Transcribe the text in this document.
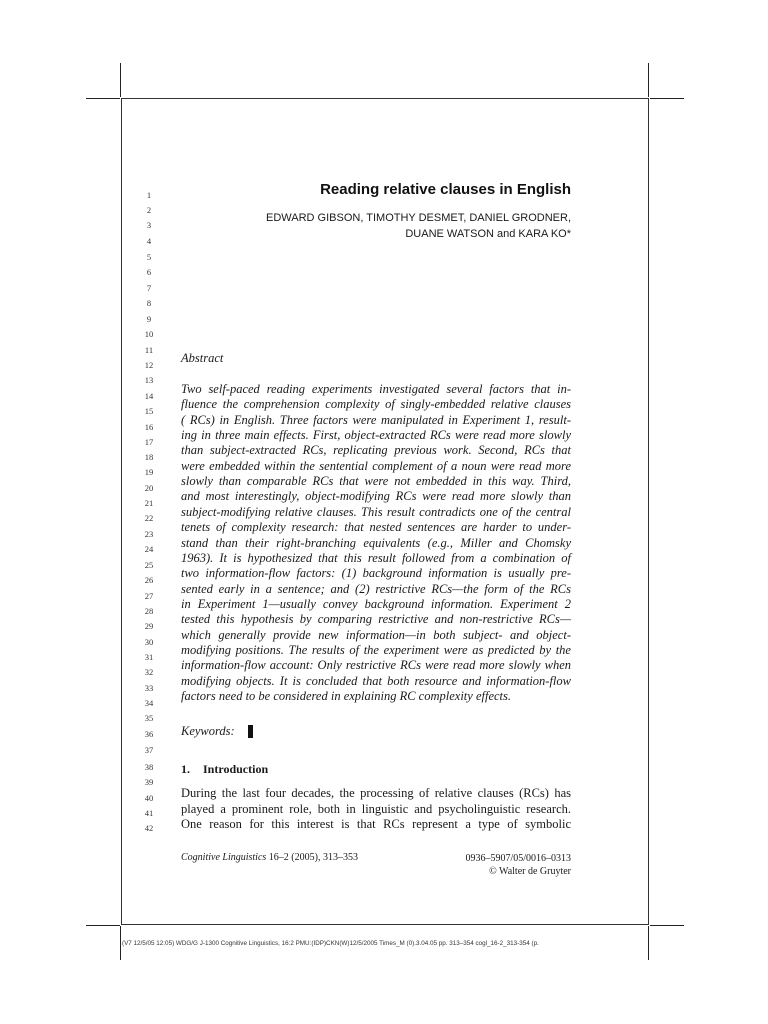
1
2
3
4
5
6
7
8
9
10
11
12
13
14
15
16
17
18
19
20
21
22
23
24
25
26
27
28
29
30
31
32
33
34
35
36
37
38
39
40
41
42
Reading relative clauses in English
EDWARD GIBSON, TIMOTHY DESMET, DANIEL GRODNER,
DUANE WATSON and KARA KO*
Abstract
Two self-paced reading experiments investigated several factors that in-
fluence the comprehension complexity of singly-embedded relative clauses
( RCs) in English. Three factors were manipulated in Experiment 1, result-
ing in three main effects. First, object-extracted RCs were read more slowly
than subject-extracted RCs, replicating previous work. Second, RCs that
were embedded within the sentential complement of a noun were read more
slowly than comparable RCs that were not embedded in this way. Third,
and most interestingly, object-modifying RCs were read more slowly than
subject-modifying relative clauses. This result contradicts one of the central
tenets of complexity research: that nested sentences are harder to under-
stand than their right-branching equivalents (e.g., Miller and Chomsky
1963). It is hypothesized that this result followed from a combination of
two information-flow factors: (1) background information is usually pre-
sented early in a sentence; and (2) restrictive RCs—the form of the RCs
in Experiment 1—usually convey background information. Experiment 2
tested this hypothesis by comparing restrictive and non-restrictive RCs—
which generally provide new information—in both subject- and object-
modifying positions. The results of the experiment were as predicted by the
information-flow account: Only restrictive RCs were read more slowly when
modifying objects. It is concluded that both resource and information-flow
factors need to be considered in explaining RC complexity effects.
Keywords:
1. Introduction
During the last four decades, the processing of relative clauses (RCs) has
played a prominent role, both in linguistic and psycholinguistic research.
One reason for this interest is that RCs represent a type of symbolic
Cognitive Linguistics 16–2 (2005), 313–353	0936–5907/05/0016–0313
© Walter de Gruyter
(V7 12/5/05 12:05) WDG/G J-1300 Cognitive Linguistics, 16:2 PMU:(IDP)CKN(W)12/5/2005 Times_M (0).3.04.05 pp. 313–354 cogl_16-2_313-354 (p.
